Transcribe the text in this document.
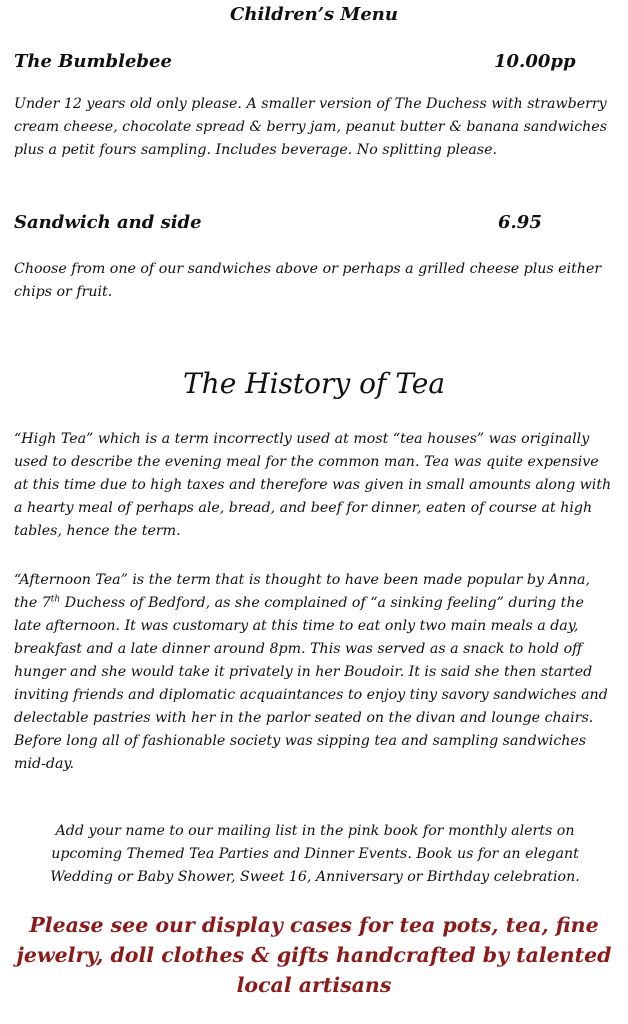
Children’s Menu
The Bumblebee	10.00pp

Under 12 years old only please. A smaller version of The Duchess with strawberry cream cheese, chocolate spread & berry jam, peanut butter & banana sandwiches plus a petit fours sampling. Includes beverage. No splitting please.

Sandwich and side	6.95

Choose from one of our sandwiches above or perhaps a grilled cheese plus either chips or fruit.

The History of Tea

“High Tea” which is a term incorrectly used at most “tea houses” was originally used to describe the evening meal for the common man. Tea was quite expensive at this time due to high taxes and therefore was given in small amounts along with a hearty meal of perhaps ale, bread, and beef for dinner, eaten of course at high tables, hence the term.

“Afternoon Tea” is the term that is thought to have been made popular by Anna, the 7th Duchess of Bedford, as she complained of “a sinking feeling” during the late afternoon. It was customary at this time to eat only two main meals a day, breakfast and a late dinner around 8pm. This was served as a snack to hold off hunger and she would take it privately in her Boudoir. It is said she then started inviting friends and diplomatic acquaintances to enjoy tiny savory sandwiches and delectable pastries with her in the parlor seated on the divan and lounge chairs. Before long all of fashionable society was sipping tea and sampling sandwiches mid-day.

Add your name to our mailing list in the pink book for monthly alerts on upcoming Themed Tea Parties and Dinner Events. Book us for an elegant Wedding or Baby Shower, Sweet 16, Anniversary or Birthday celebration.

Please see our display cases for tea pots, tea, fine jewelry, doll clothes & gifts handcrafted by talented local artisans
